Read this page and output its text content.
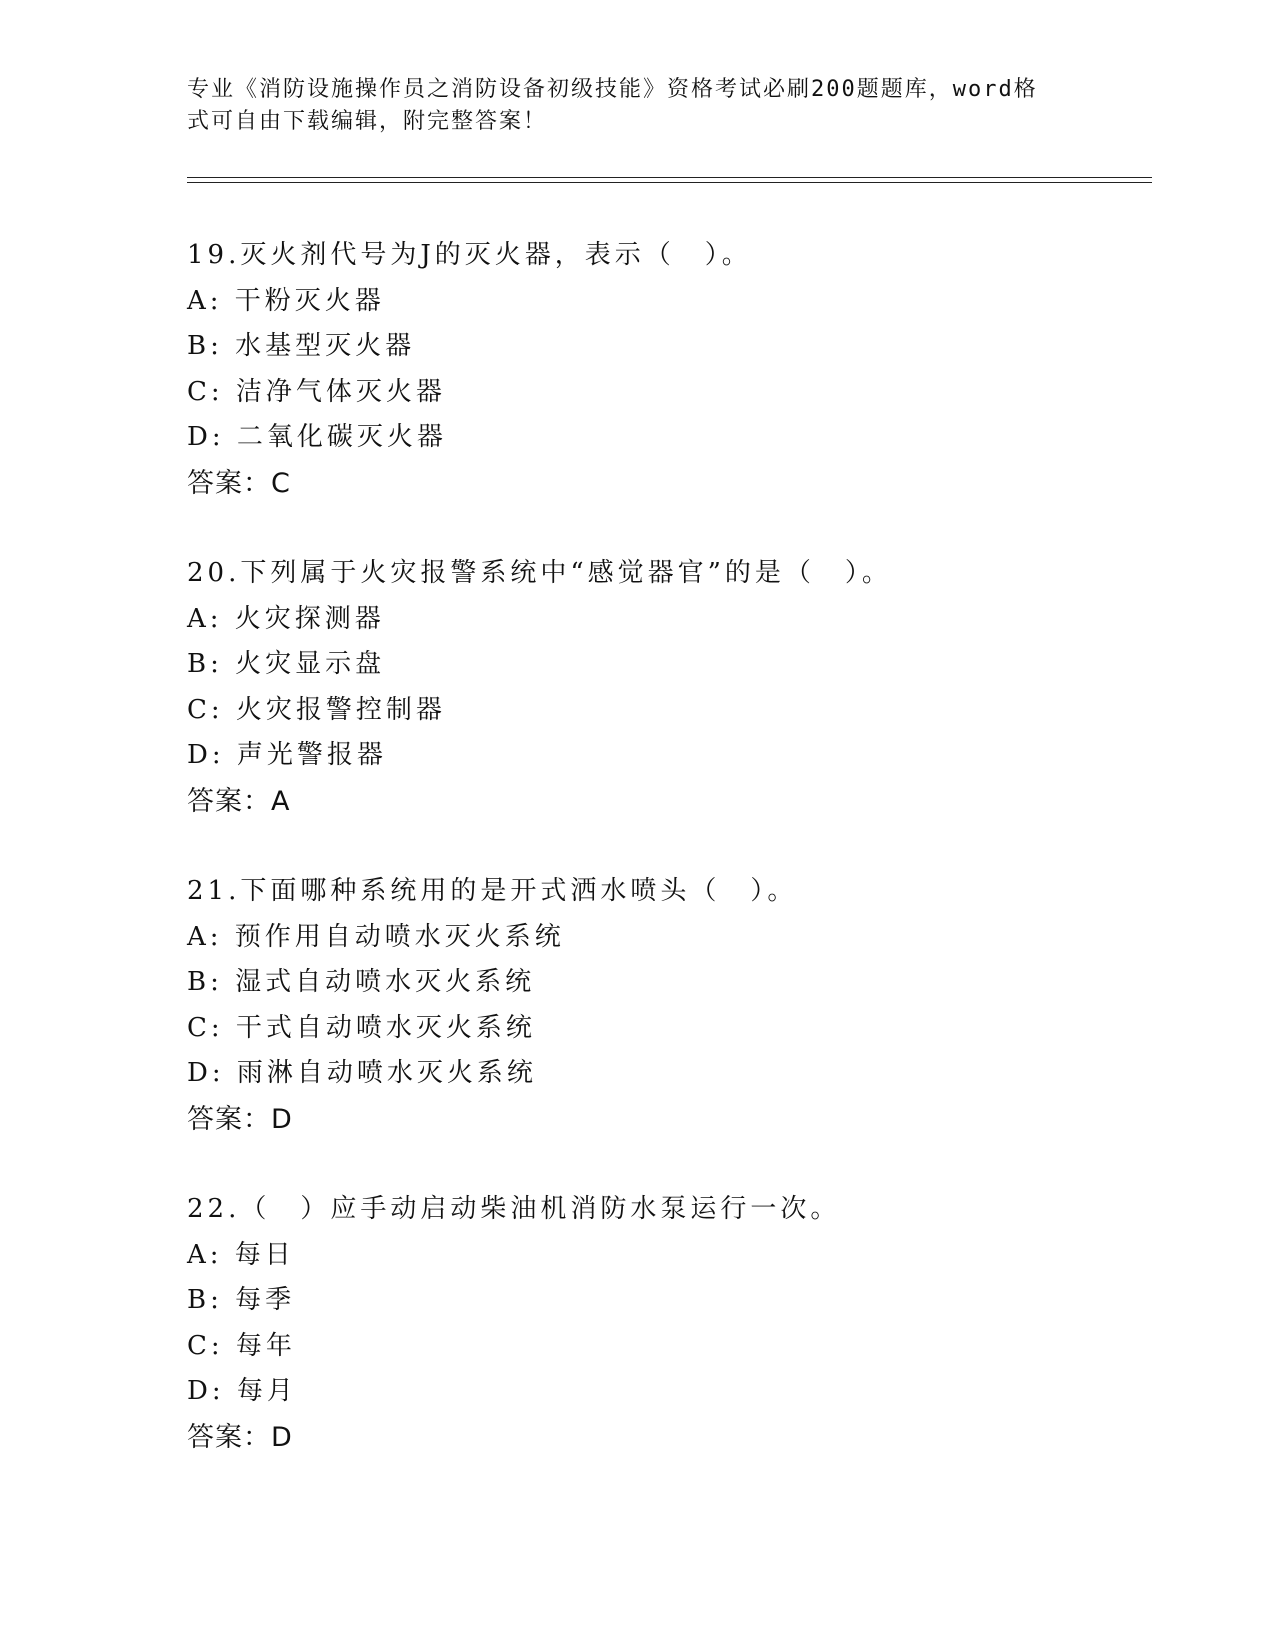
专业《消防设施操作员之消防设备初级技能》资格考试必刷200题题库，word格
式可自由下载编辑，附完整答案！
19.灭火剂代号为J的灭火器，表示（　）。
A: 干粉灭火器
B: 水基型灭火器
C: 洁净气体灭火器
D: 二氧化碳灭火器
答案：C
20.下列属于火灾报警系统中“感觉器官”的是（　）。
A: 火灾探测器
B: 火灾显示盘
C: 火灾报警控制器
D: 声光警报器
答案：A
21.下面哪种系统用的是开式洒水喷头（　）。
A: 预作用自动喷水灭火系统
B: 湿式自动喷水灭火系统
C: 干式自动喷水灭火系统
D: 雨淋自动喷水灭火系统
答案：D
22.（　）应手动启动柴油机消防水泵运行一次。
A: 每日
B: 每季
C: 每年
D: 每月
答案：D
